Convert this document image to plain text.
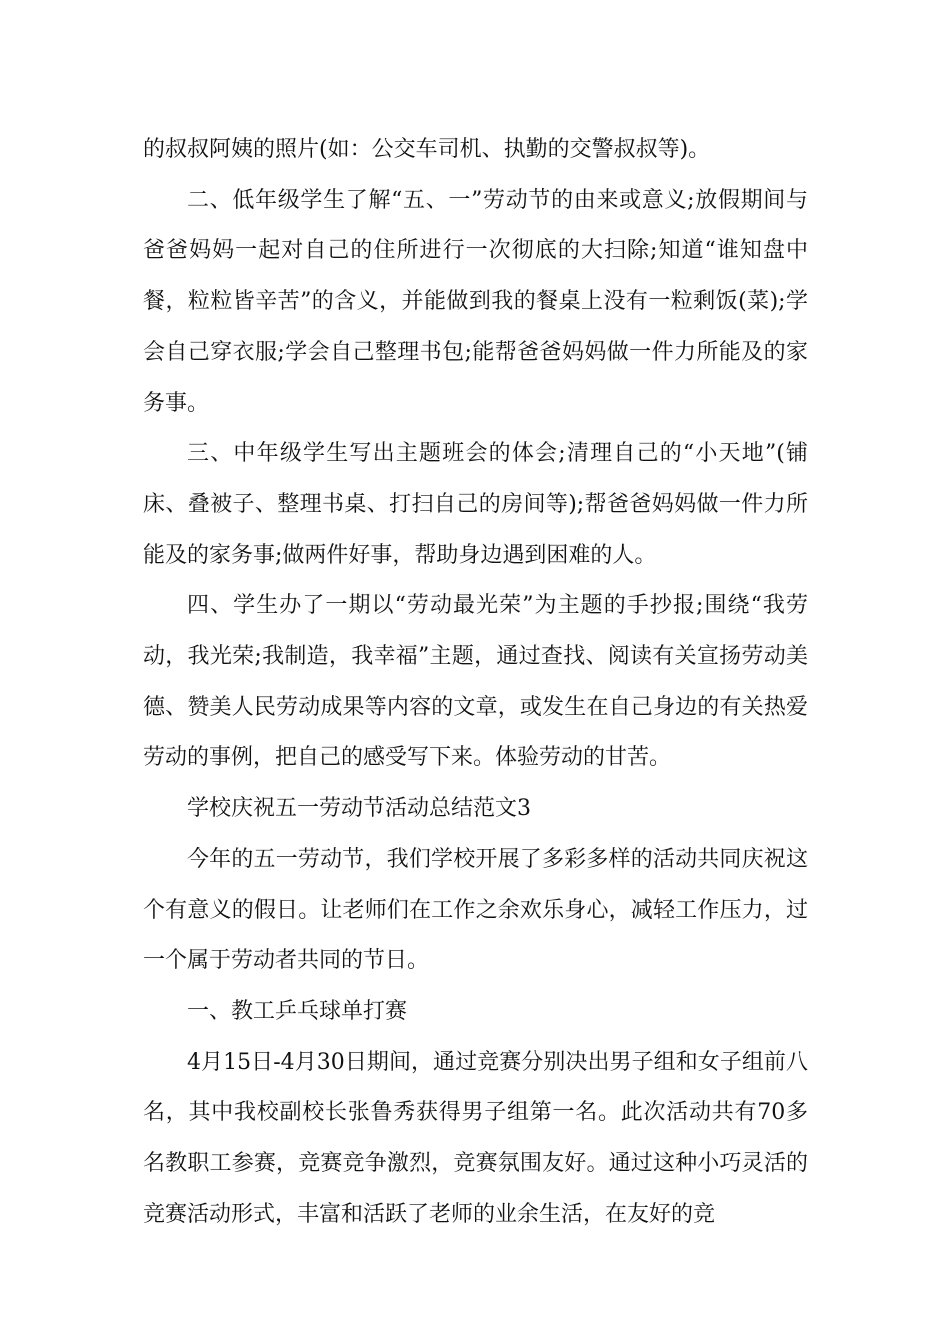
的叔叔阿姨的照片(如：公交车司机、执勤的交警叔叔等)。

二、低年级学生了解“五、一”劳动节的由来或意义;放假期间与爸爸妈妈一起对自己的住所进行一次彻底的大扫除;知道“谁知盘中餐，粒粒皆辛苦”的含义，并能做到我的餐桌上没有一粒剩饭(菜);学会自己穿衣服;学会自己整理书包;能帮爸爸妈妈做一件力所能及的家务事。

三、中年级学生写出主题班会的体会;清理自己的“小天地”(铺床、叠被子、整理书桌、打扫自己的房间等);帮爸爸妈妈做一件力所能及的家务事;做两件好事，帮助身边遇到困难的人。

四、学生办了一期以“劳动最光荣”为主题的手抄报;围绕“我劳动，我光荣;我制造，我幸福”主题，通过查找、阅读有关宣扬劳动美德、赞美人民劳动成果等内容的文章，或发生在自己身边的有关热爱劳动的事例，把自己的感受写下来。体验劳动的甘苦。

学校庆祝五一劳动节活动总结范文3

今年的五一劳动节，我们学校开展了多彩多样的活动共同庆祝这个有意义的假日。让老师们在工作之余欢乐身心，减轻工作压力，过一个属于劳动者共同的节日。

一、教工乒乓球单打赛

4月15日-4月30日期间，通过竞赛分别决出男子组和女子组前八名，其中我校副校长张鲁秀获得男子组第一名。此次活动共有70多名教职工参赛，竞赛竞争激烈，竞赛氛围友好。通过这种小巧灵活的竞赛活动形式，丰富和活跃了老师的业余生活，在友好的竞
